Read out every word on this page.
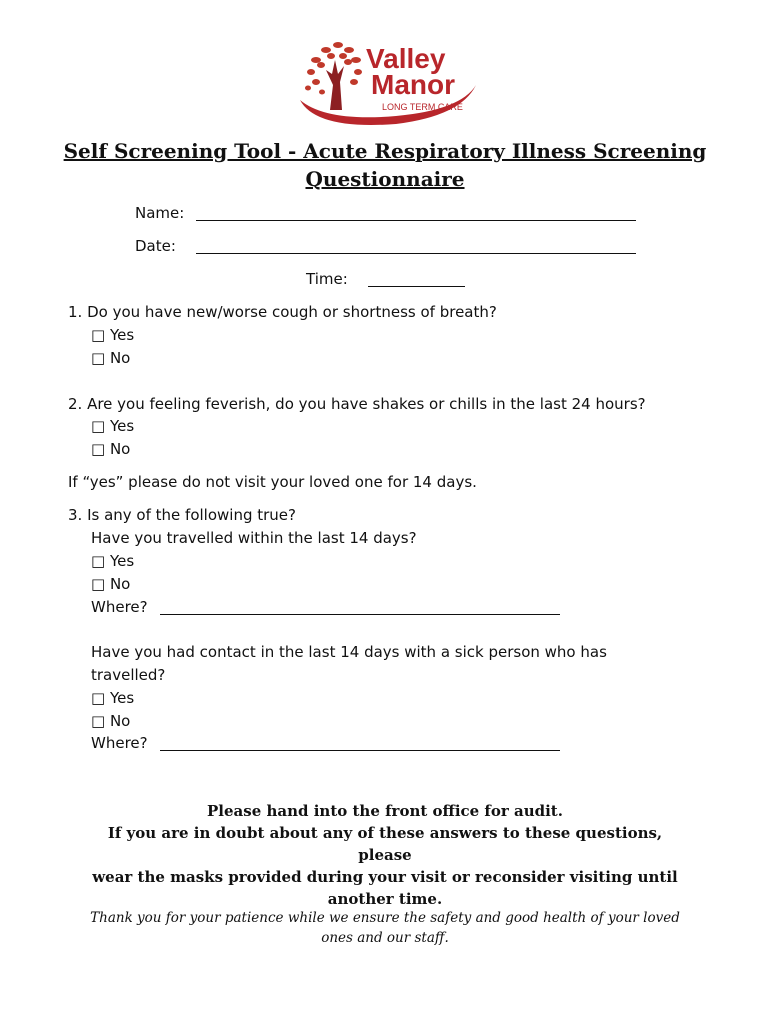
Valley
Manor
LONG TERM CARE
Self Screening Tool - Acute Respiratory Illness Screening
Questionnaire
Name:
Date:
Time:
1. Do you have new/worse cough or shortness of breath?
□ Yes
□ No
2. Are you feeling feverish, do you have shakes or chills in the last 24 hours?
□ Yes
□ No
If “yes” please do not visit your loved one for 14 days.
3. Is any of the following true?
Have you travelled within the last 14 days?
□ Yes
□ No
Where?
Have you had contact in the last 14 days with a sick person who has
travelled?
□ Yes
□ No
Where?
Please hand into the front office for audit.
If you are in doubt about any of these answers to these questions, please
wear the masks provided during your visit or reconsider visiting until
another time.
Thank you for your patience while we ensure the safety and good health of your loved
ones and our staff.
